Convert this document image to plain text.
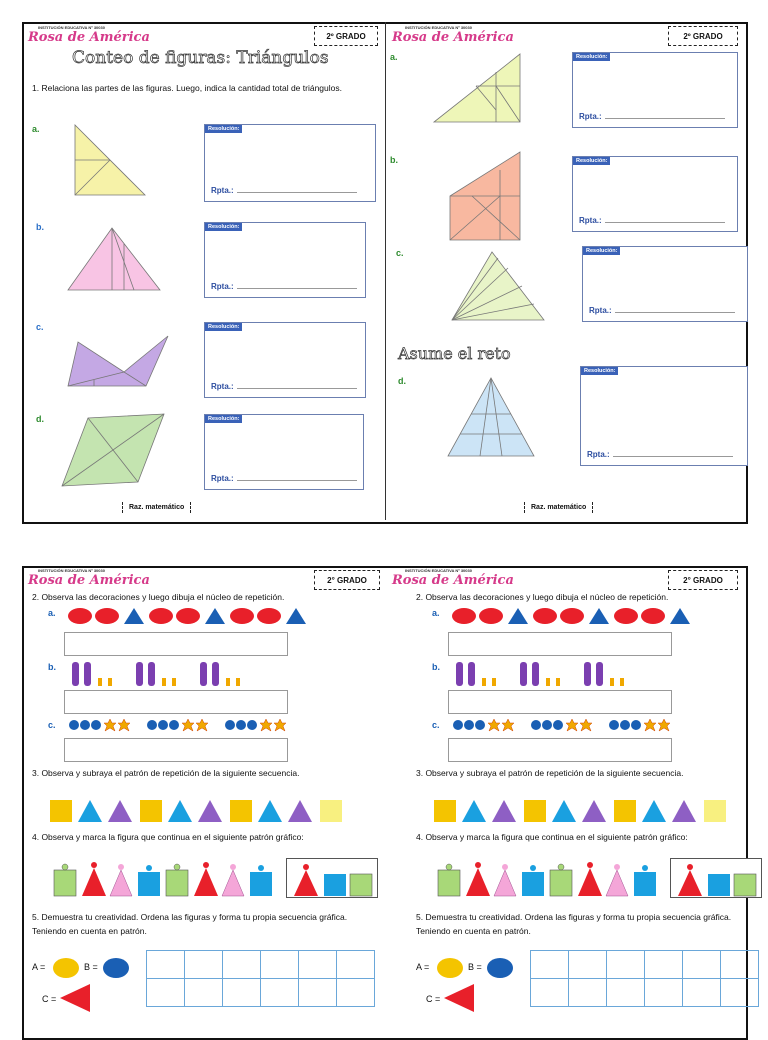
INSTITUCIÓN EDUCATIVA Nº 30030
Rosa de América	2º GRADO
Conteo de figuras: Triángulos
1. Relaciona las partes de las figuras. Luego, indica la cantidad total de triángulos.
a.	Resolución:
Rpta.:
b.	Resolución:
Rpta.:
c.	Resolución:
Rpta.:
d.	Resolución:
Rpta.:
Raz. matemático
INSTITUCIÓN EDUCATIVA Nº 30030
Rosa de América	2º GRADO
a.	Resolución:
Rpta.:
b.	Resolución:
Rpta.:
c.	Resolución:
Rpta.:
Asume el reto
d.
Resolución:
Rpta.:
Raz. matemático
INSTITUCIÓN EDUCATIVA Nº 30030
Rosa de América	2° GRADO
2. Observa las decoraciones y luego dibuja el núcleo de repetición.
INSTITUCIÓN EDUCATIVA Nº 30030
Rosa de América	2° GRADO
2. Observa las decoraciones y luego dibuja el núcleo de repetición.
a.
b.
c.
3. Observa y subraya el patrón de repetición de la siguiente secuencia.
4. Observa y marca la figura que continua en el siguiente patrón gráfico:
5. Demuestra tu creatividad. Ordena las figuras y forma tu propia secuencia gráfica. Teniendo en cuenta en patrón.
A =	B =
C =

a.
b.
c.
3. Observa y subraya el patrón de repetición de la siguiente secuencia.
4. Observa y marca la figura que continua en el siguiente patrón gráfico:
5. Demuestra tu creatividad. Ordena las figuras y forma tu propia secuencia gráfica. Teniendo en cuenta en patrón.
A =	B =
C =
